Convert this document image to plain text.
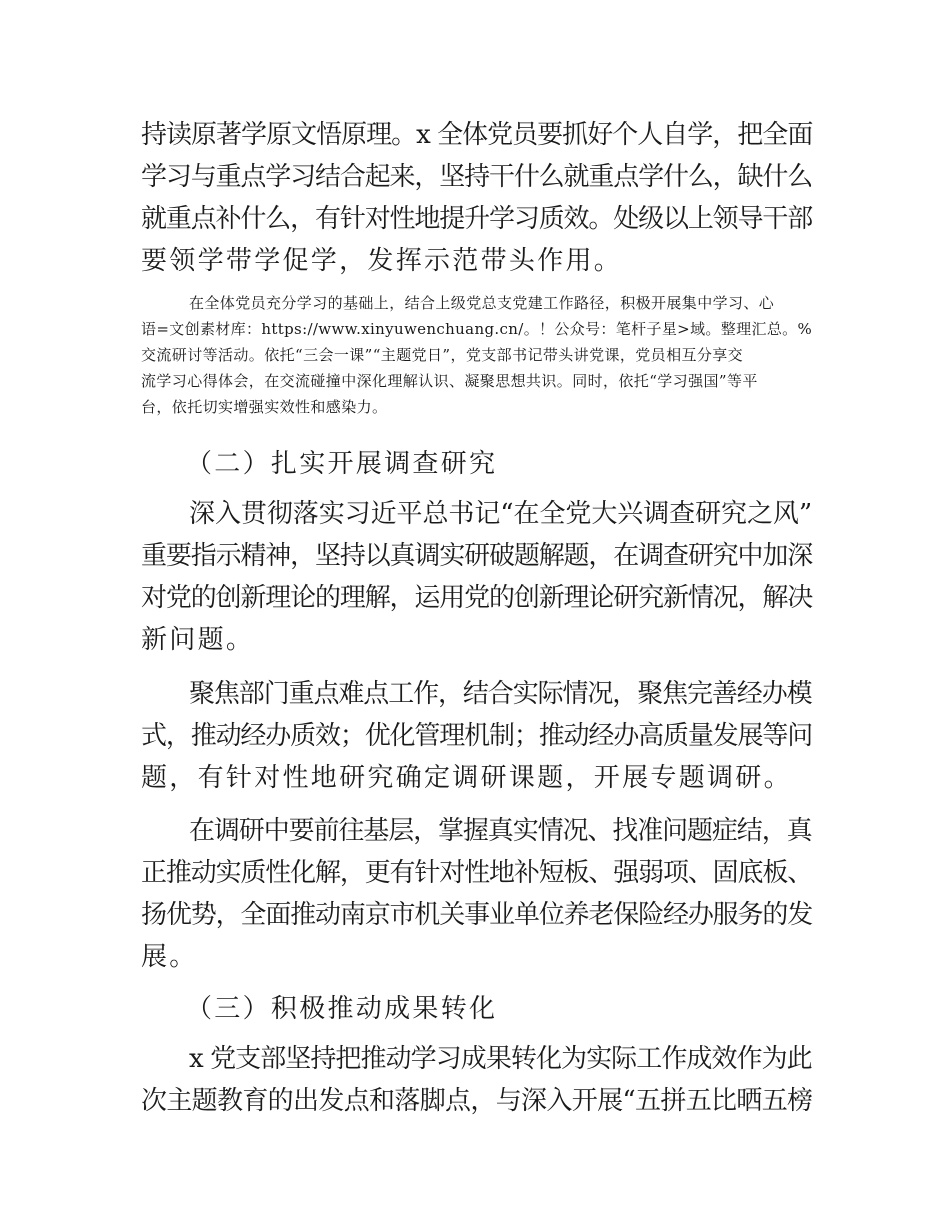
持读原著学原文悟原理。x 全体党员要抓好个人自学，把全面
学习与重点学习结合起来，坚持干什么就重点学什么，缺什么
就重点补什么，有针对性地提升学习质效。处级以上领导干部
要领学带学促学，发挥示范带头作用。
在全体党员充分学习的基础上，结合上级党总支党建工作路径，积极开展集中学习、心
语=文创素材库：https://www.xinyuwenchuang.cn/。！公众号：笔杆子星>域。整理汇总。%
交流研讨等活动。依托“三会一课”“主题党日”，党支部书记带头讲党课，党员相互分享交
流学习心得体会，在交流碰撞中深化理解认识、凝聚思想共识。同时，依托“学习强国”等平
台，依托切实增强实效性和感染力。
（二）扎实开展调查研究
深入贯彻落实习近平总书记“在全党大兴调查研究之风”
重要指示精神，坚持以真调实研破题解题，在调查研究中加深
对党的创新理论的理解，运用党的创新理论研究新情况，解决
新问题。
聚焦部门重点难点工作，结合实际情况，聚焦完善经办模
式，推动经办质效；优化管理机制；推动经办高质量发展等问
题，有针对性地研究确定调研课题，开展专题调研。
在调研中要前往基层，掌握真实情况、找准问题症结，真
正推动实质性化解，更有针对性地补短板、强弱项、固底板、
扬优势，全面推动南京市机关事业单位养老保险经办服务的发
展。
（三）积极推动成果转化
x 党支部坚持把推动学习成果转化为实际工作成效作为此
次主题教育的出发点和落脚点，与深入开展“五拼五比晒五榜
